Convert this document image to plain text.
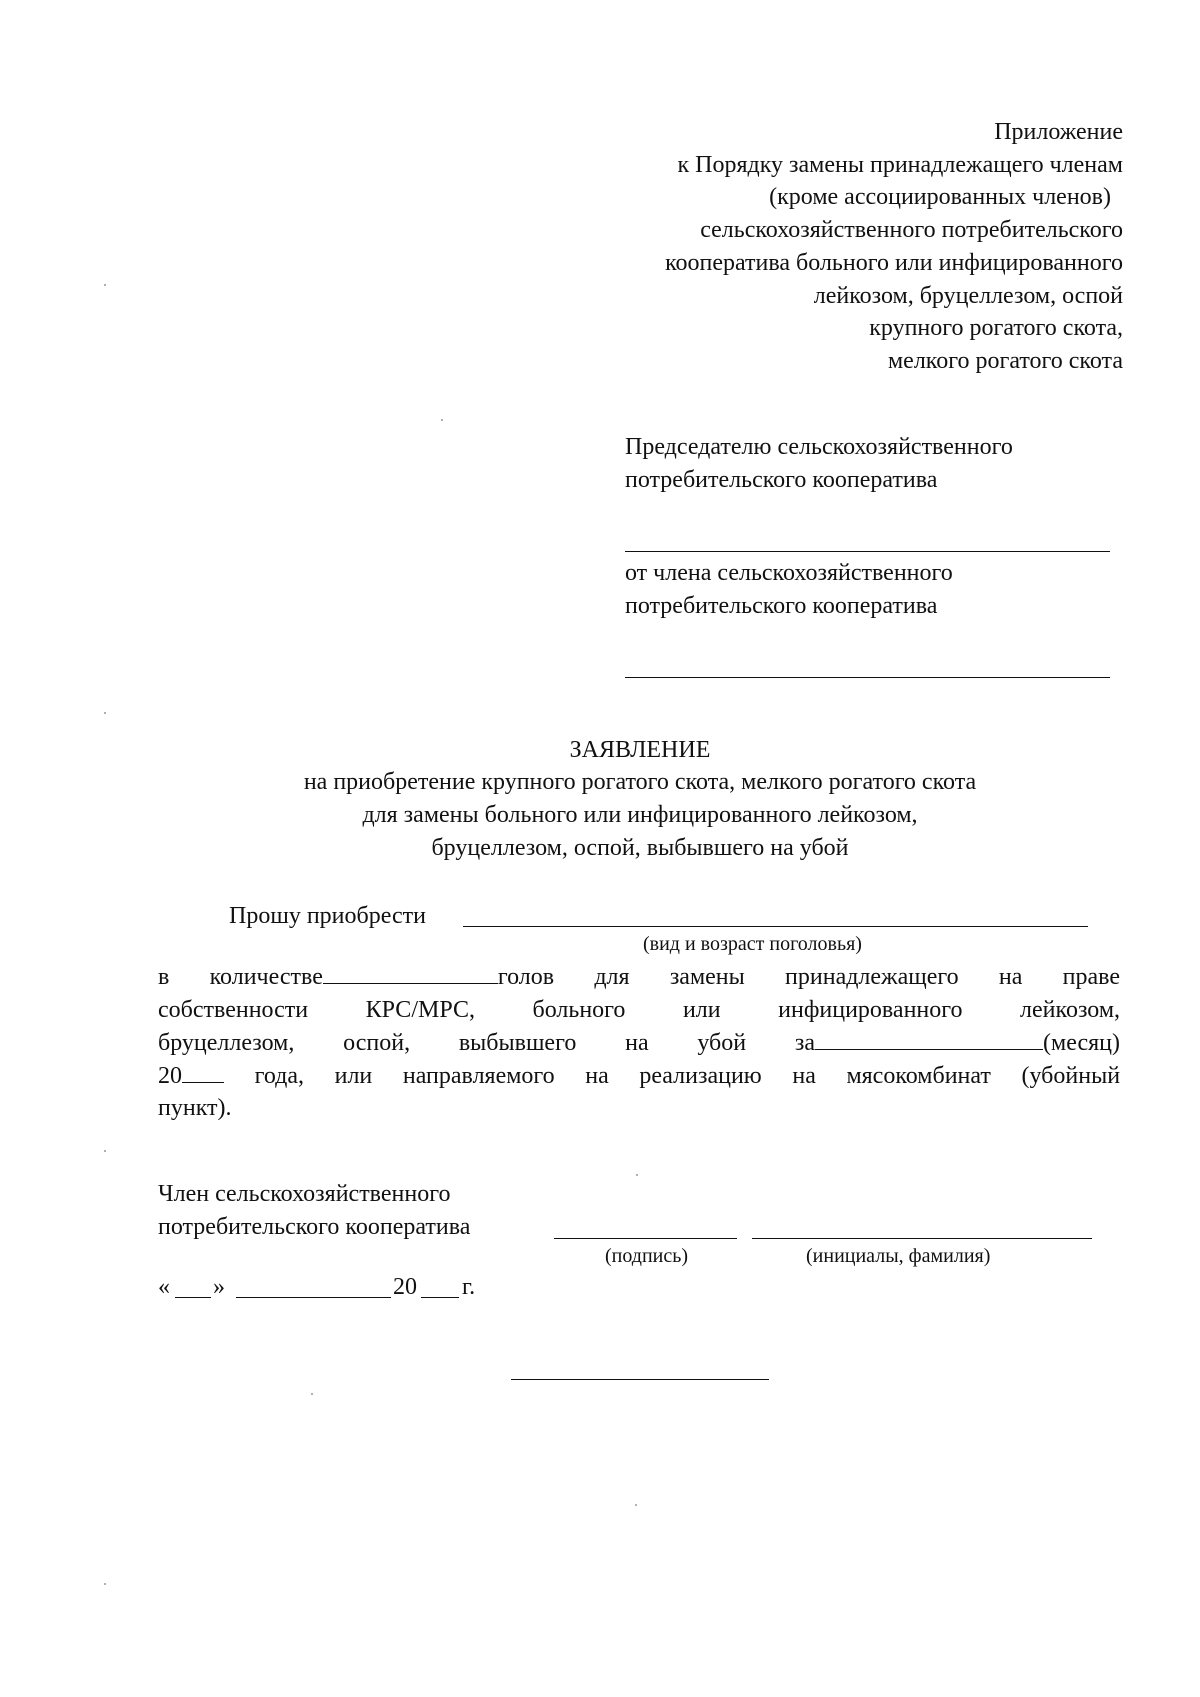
Приложение
к Порядку замены принадлежащего членам
(кроме ассоциированных членов)
сельскохозяйственного потребительского
кооператива больного или инфицированного
лейкозом, бруцеллезом, оспой
крупного рогатого скота,
мелкого рогатого скота
Председателю сельскохозяйственного
потребительского кооператива
от члена сельскохозяйственного
потребительского кооператива
ЗАЯВЛЕНИЕ
на приобретение крупного рогатого скота, мелкого рогатого скота
для замены больного или инфицированного лейкозом,
бруцеллезом, оспой, выбывшего на убой
Прошу приобрести
(вид и возраст поголовья)
в количестве	голов для замены принадлежащего на праве
собственности КРС/МРС, больного или инфицированного лейкозом,
бруцеллезом, оспой, выбывшего на убой за	(месяц)
20	года, или направляемого на реализацию на мясокомбинат (убойный
пункт).
Член сельскохозяйственного
потребительского кооператива
(подпись)	(инициалы, фамилия)
« »	20 г.
